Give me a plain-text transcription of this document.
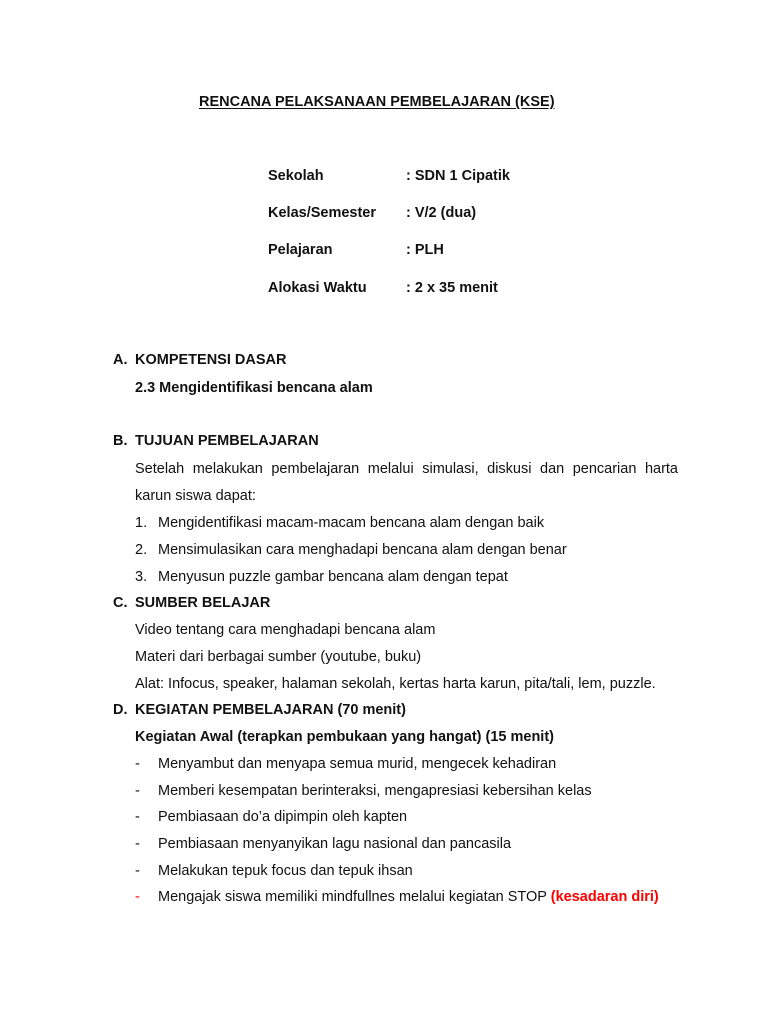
RENCANA PELAKSANAAN PEMBELAJARAN (KSE)
Sekolah	: SDN 1 Cipatik
Kelas/Semester : V/2 (dua)
Pelajaran	: PLH
Alokasi Waktu	: 2 x 35 menit
A. KOMPETENSI DASAR
2.3 Mengidentifikasi bencana alam
B. TUJUAN PEMBELAJARAN
Setelah melakukan pembelajaran melalui simulasi, diskusi dan pencarian harta
karun siswa dapat:
1. Mengidentifikasi macam-macam bencana alam dengan baik
2. Mensimulasikan cara menghadapi bencana alam dengan benar
3. Menyusun puzzle gambar bencana alam dengan tepat
C. SUMBER BELAJAR
Video tentang cara menghadapi bencana alam
Materi dari berbagai sumber (youtube, buku)
Alat: Infocus, speaker, halaman sekolah, kertas harta karun, pita/tali, lem, puzzle.
D. KEGIATAN PEMBELAJARAN (70 menit)
Kegiatan Awal (terapkan pembukaan yang hangat) (15 menit)
- Menyambut dan menyapa semua murid, mengecek kehadiran
- Memberi kesempatan berinteraksi, mengapresiasi kebersihan kelas
- Pembiasaan do’a dipimpin oleh kapten
- Pembiasaan menyanyikan lagu nasional dan pancasila
- Melakukan tepuk focus dan tepuk ihsan
- Mengajak siswa memiliki mindfullnes melalui kegiatan STOP (kesadaran diri)
